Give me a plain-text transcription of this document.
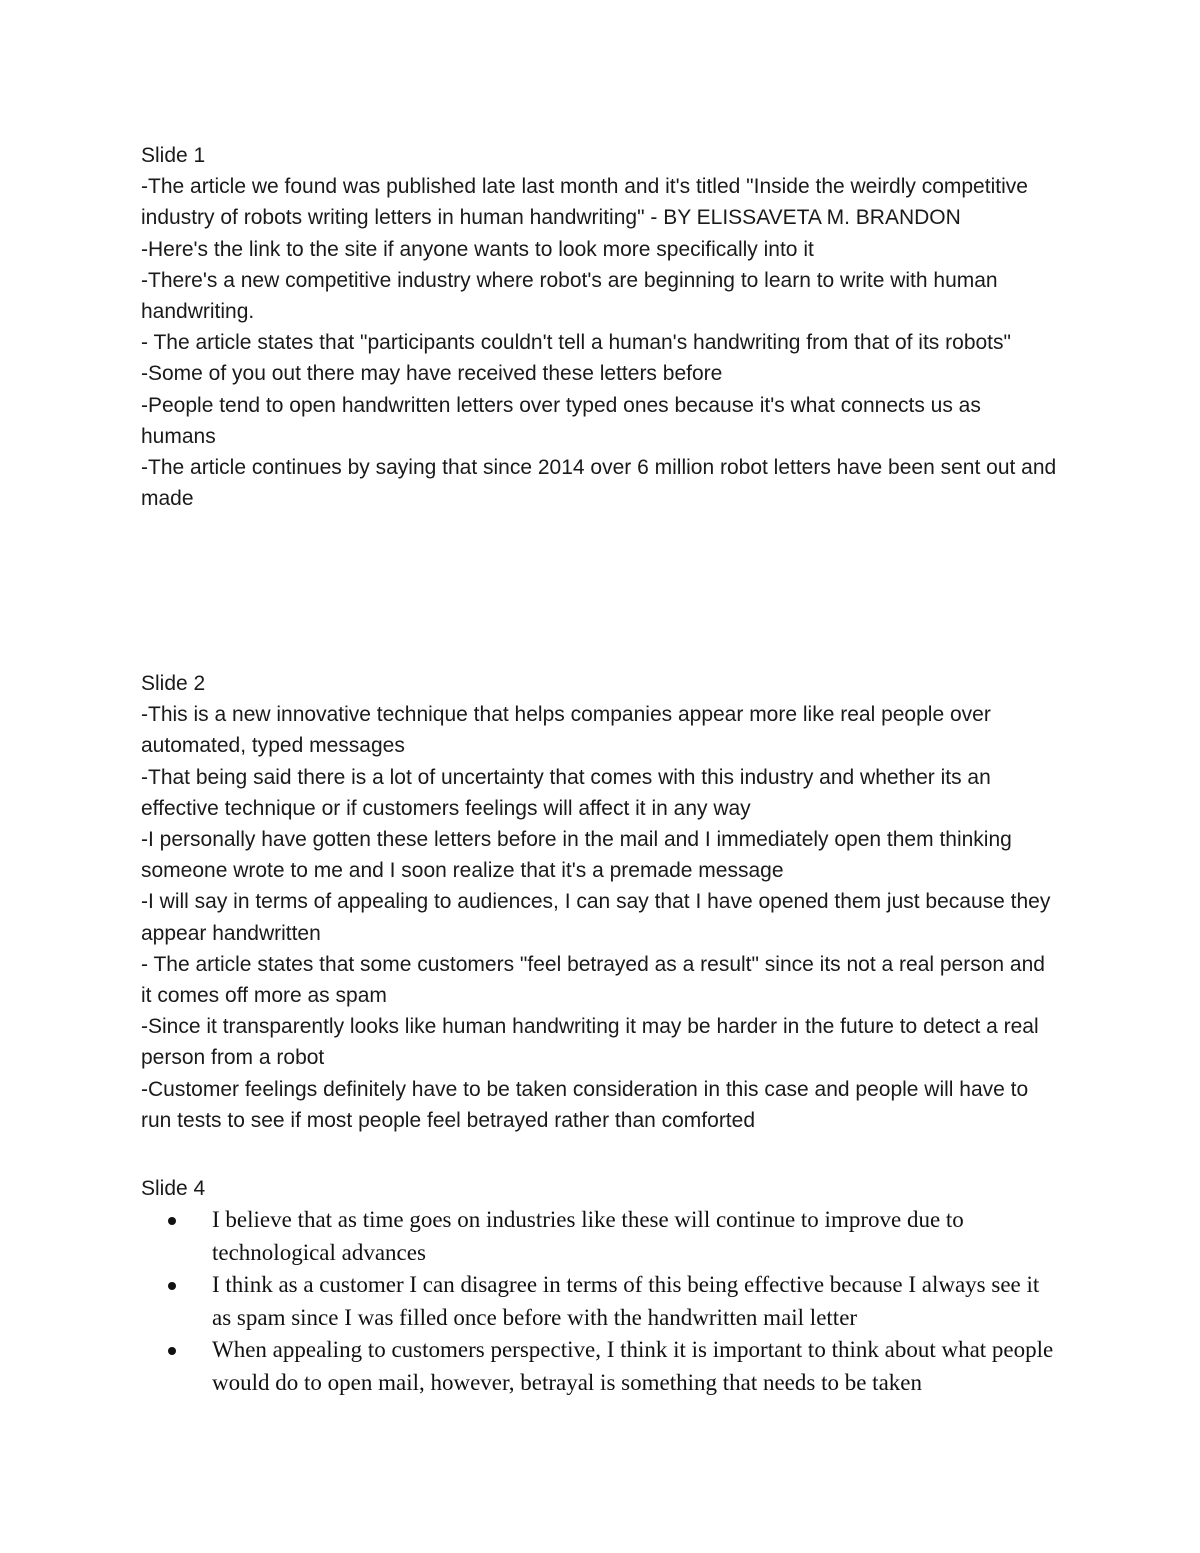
Slide 1

-The article we found was published late last month and it's titled "Inside the weirdly competitive industry of robots writing letters in human handwriting" - BY ELISSAVETA M. BRANDON

-Here's the link to the site if anyone wants to look more specifically into it

-There's a new competitive industry where robot's are beginning to learn to write with human handwriting.

- The article states that "participants couldn't tell a human's handwriting from that of its robots"

-Some of you out there may have received these letters before

-People tend to open handwritten letters over typed ones because it's what connects us as humans

-The article continues by saying that since 2014 over 6 million robot letters have been sent out and made

Slide 2

-This is a new innovative technique that helps companies appear more like real people over automated, typed messages

-That being said there is a lot of uncertainty that comes with this industry and whether its an effective technique or if customers feelings will affect it in any way

-I personally have gotten these letters before in the mail and I immediately open them thinking someone wrote to me and I soon realize that it's a premade message

-I will say in terms of appealing to audiences, I can say that I have opened them just because they appear handwritten

- The article states that some customers "feel betrayed as a result" since its not a real person and it comes off more as spam

-Since it transparently looks like human handwriting it may be harder in the future to detect a real person from a robot

-Customer feelings definitely have to be taken consideration in this case and people will have to run tests to see if most people feel betrayed rather than comforted

Slide 4

I believe that as time goes on industries like these will continue to improve due to technological advances
I think as a customer I can disagree in terms of this being effective because I always see it as spam since I was filled once before with the handwritten mail letter
When appealing to customers perspective, I think it is important to think about what people would do to open mail, however, betrayal is something that needs to be taken
